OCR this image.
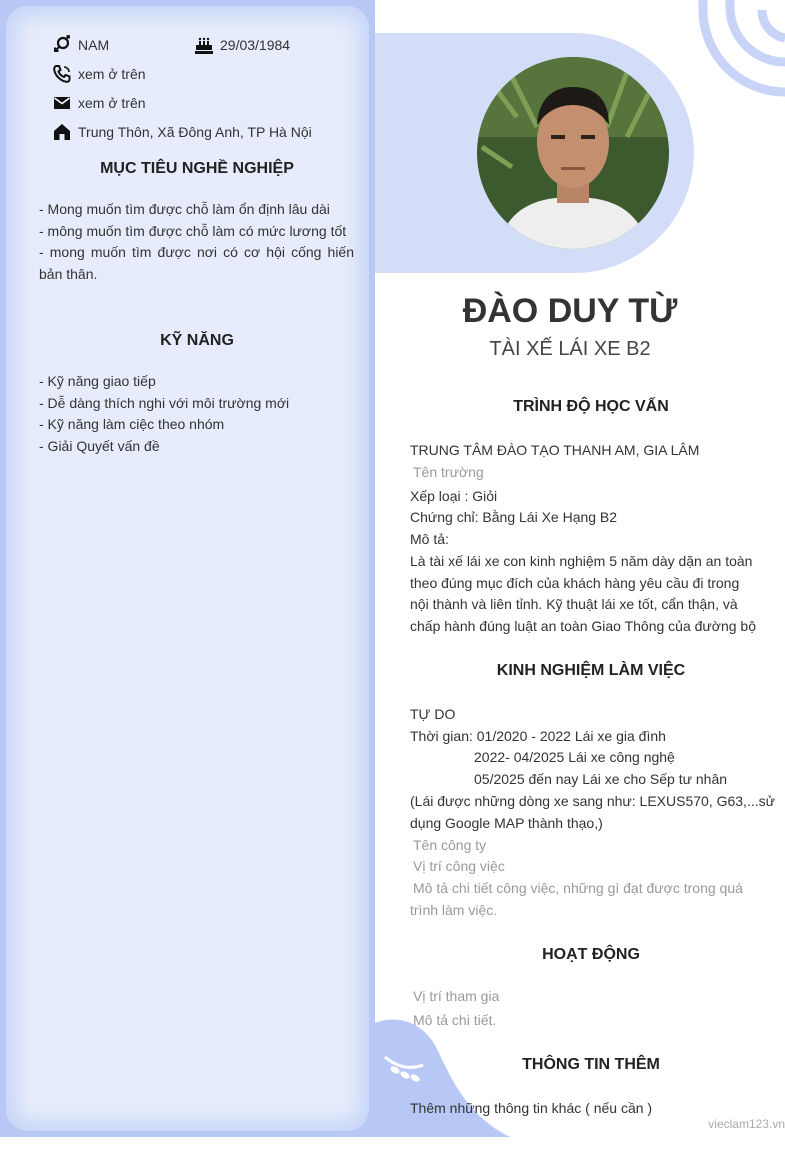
NAM	29/03/1984
xem ở trên
xem ở trên
Trung Thôn, Xã Đông Anh, TP Hà Nội
MỤC TIÊU NGHỀ NGHIỆP

- Mong muốn tìm được chỗ làm ổn định lâu dài

- mông muốn tìm được chỗ làm có mức lương tốt

- mong muốn tìm được nơi có cơ hội cống hiến bản thân.

KỸ NĂNG

- Kỹ năng giao tiếp

- Dễ dàng thích nghi với môi trường mới

- Kỹ năng làm ciệc theo nhóm

- Giải Quyết vấn đề

ĐÀO DUY TỪ
TÀI XẾ LÁI XE B2
TRÌNH ĐỘ HỌC VẤN
TRUNG TÂM ĐÀO TẠO THANH AM, GIA LÂM
Tên trường
Xếp loại : Giỏi
Chứng chỉ: Bằng Lái Xe Hạng B2
Mô tả:
Là tài xế lái xe con kinh nghiệm 5 năm dày dặn an toàn
theo đúng mục đích của khách hàng yêu cầu đi trong
nội thành và liên tỉnh. Kỹ thuật lái xe tốt, cẩn thận, và
chấp hành đúng luật an toàn Giao Thông của đường bộ
KINH NGHIỆM LÀM VIỆC
TỰ DO
Thời gian: 01/2020 - 2022 Lái xe gia đình
2022- 04/2025 Lái xe công nghệ
05/2025 đến nay Lái xe cho Sếp tư nhân
(Lái được những dòng xe sang như: LEXUS570, G63,...sử
dụng Google MAP thành thạo,)
Tên công ty
Vị trí công việc
Mô tả chi tiết công việc, những gì đạt được trong quá
trình làm việc.
HOẠT ĐỘNG
Vị trí tham gia
Mô tả chi tiết.
THÔNG TIN THÊM
Thêm những thông tin khác ( nếu cần )
vieclam123.vn
